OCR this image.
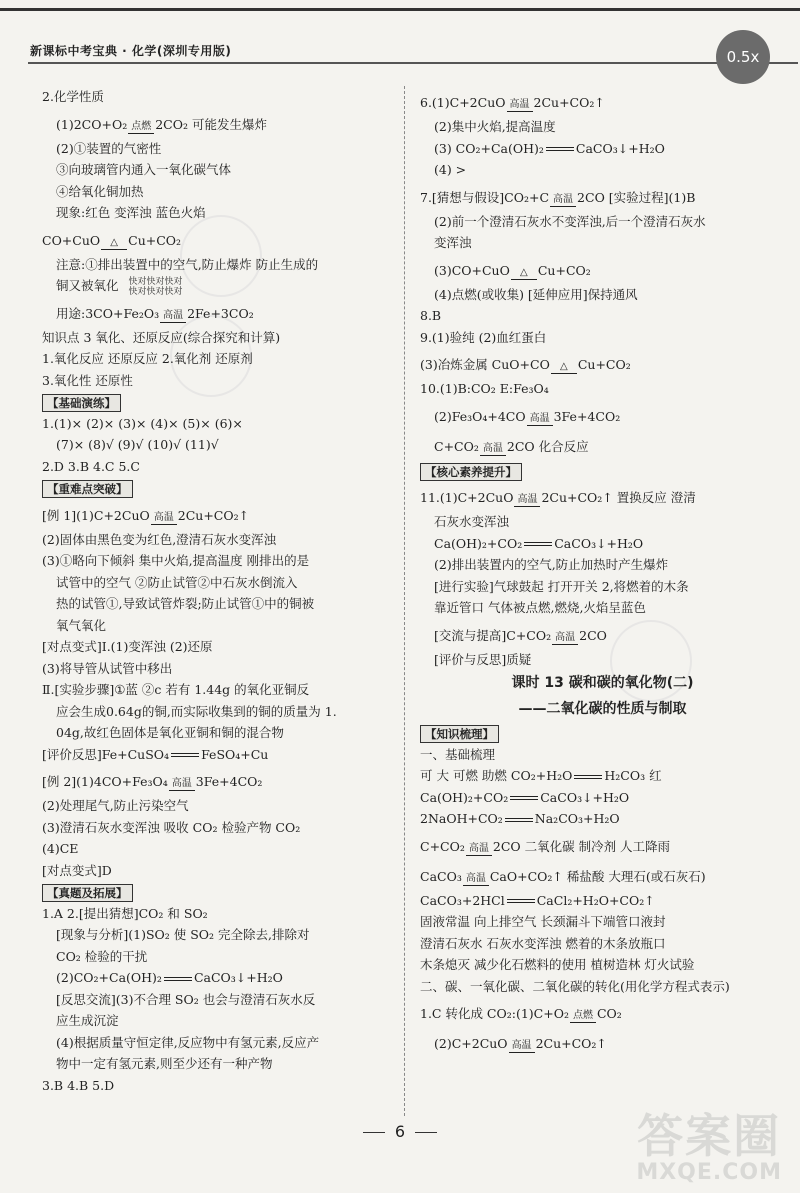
新课标中考宝典 · 化学(深圳专用版)	0.5x
2.化学性质
(1)2CO+O₂ 点燃 2CO₂ 可能发生爆炸
(2)①装置的气密性
③向玻璃管内通入一氧化碳气体
④给氧化铜加热
现象:红色 变浑浊 蓝色火焰
CO+CuO	△ Cu+CO₂
注意:①排出装置中的空气,防止爆炸 防止生成的
铜又被氧化 快对快对快对
快对快对快对
用途:3CO+Fe₂O₃ 高温 2Fe+3CO₂
知识点 3 氧化、还原反应(综合探究和计算)
1.氧化反应 还原反应 2.氧化剂 还原剂
3.氧化性 还原性
【基础演练】
1.(1)× (2)× (3)× (4)× (5)× (6)×
(7)× (8)√ (9)√ (10)√ (11)√
2.D 3.B 4.C 5.C
【重难点突破】
[例 1](1)C+2CuO 高温 2Cu+CO₂↑
(2)固体由黑色变为红色,澄清石灰水变浑浊
(3)①略向下倾斜 集中火焰,提高温度 刚排出的是
试管中的空气 ②防止试管②中石灰水倒流入
热的试管①,导致试管炸裂;防止试管①中的铜被
氧气氧化
[对点变式]Ⅰ.(1)变浑浊 (2)还原
(3)将导管从试管中移出
Ⅱ.[实验步骤]①蓝 ②c 若有 1.44g 的氧化亚铜反
应会生成0.64g的铜,而实际收集到的铜的质量为 1.
04g,故红色固体是氧化亚铜和铜的混合物
[评价反思]Fe+CuSO₄	FeSO₄+Cu
[例 2](1)4CO+Fe₃O₄ 高温 3Fe+4CO₂
(2)处理尾气,防止污染空气
(3)澄清石灰水变浑浊 吸收 CO₂ 检验产物 CO₂
(4)CE
[对点变式]D
【真题及拓展】
1.A 2.[提出猜想]CO₂ 和 SO₂
[现象与分析](1)SO₂ 使 SO₂ 完全除去,排除对
CO₂ 检验的干扰
(2)CO₂+Ca(OH)₂	CaCO₃↓+H₂O
[反思交流](3)不合理 SO₂ 也会与澄清石灰水反
应生成沉淀
(4)根据质量守恒定律,反应物中有氢元素,反应产
物中一定有氢元素,则至少还有一种产物
3.B 4.B 5.D
6.(1)C+2CuO 高温 2Cu+CO₂↑
(2)集中火焰,提高温度
(3) CO₂+Ca(OH)₂	CaCO₃↓+H₂O
(4) >
7.[猜想与假设]CO₂+C 高温 2CO [实验过程](1)B
(2)前一个澄清石灰水不变浑浊,后一个澄清石灰水
变浑浊
(3)CO+CuO	△ Cu+CO₂
(4)点燃(或收集) [延伸应用]保持通风
8.B
9.(1)验纯 (2)血红蛋白
(3)冶炼金属 CuO+CO	△ Cu+CO₂
10.(1)B:CO₂ E:Fe₃O₄
(2)Fe₃O₄+4CO 高温 3Fe+4CO₂
C+CO₂ 高温 2CO 化合反应
【核心素养提升】
11.(1)C+2CuO 高温 2Cu+CO₂↑ 置换反应 澄清
石灰水变浑浊
Ca(OH)₂+CO₂	CaCO₃↓+H₂O
(2)排出装置内的空气,防止加热时产生爆炸
[进行实验]气球鼓起 打开开关 2,将燃着的木条
靠近管口 气体被点燃,燃烧,火焰呈蓝色
[交流与提高]C+CO₂ 高温 2CO
[评价与反思]质疑
课时 13 碳和碳的氧化物(二)
——二氧化碳的性质与制取
【知识梳理】
一、基础梳理
可 大 可燃 助燃 CO₂+H₂O	H₂CO₃ 红
Ca(OH)₂+CO₂	CaCO₃↓+H₂O
2NaOH+CO₂	Na₂CO₃+H₂O
C+CO₂ 高温 2CO 二氧化碳 制冷剂 人工降雨
CaCO₃ 高温 CaO+CO₂↑ 稀盐酸 大理石(或石灰石)
CaCO₃+2HCl	CaCl₂+H₂O+CO₂↑
固液常温 向上排空气 长颈漏斗下端管口液封
澄清石灰水 石灰水变浑浊 燃着的木条放瓶口
木条熄灭 减少化石燃料的使用 植树造林 灯火试验
二、碳、一氧化碳、二氧化碳的转化(用化学方程式表示)
1.C 转化成 CO₂:(1)C+O₂ 点燃 CO₂
(2)C+2CuO 高温 2Cu+CO₂↑
6	答案圈
MXQE.COM
